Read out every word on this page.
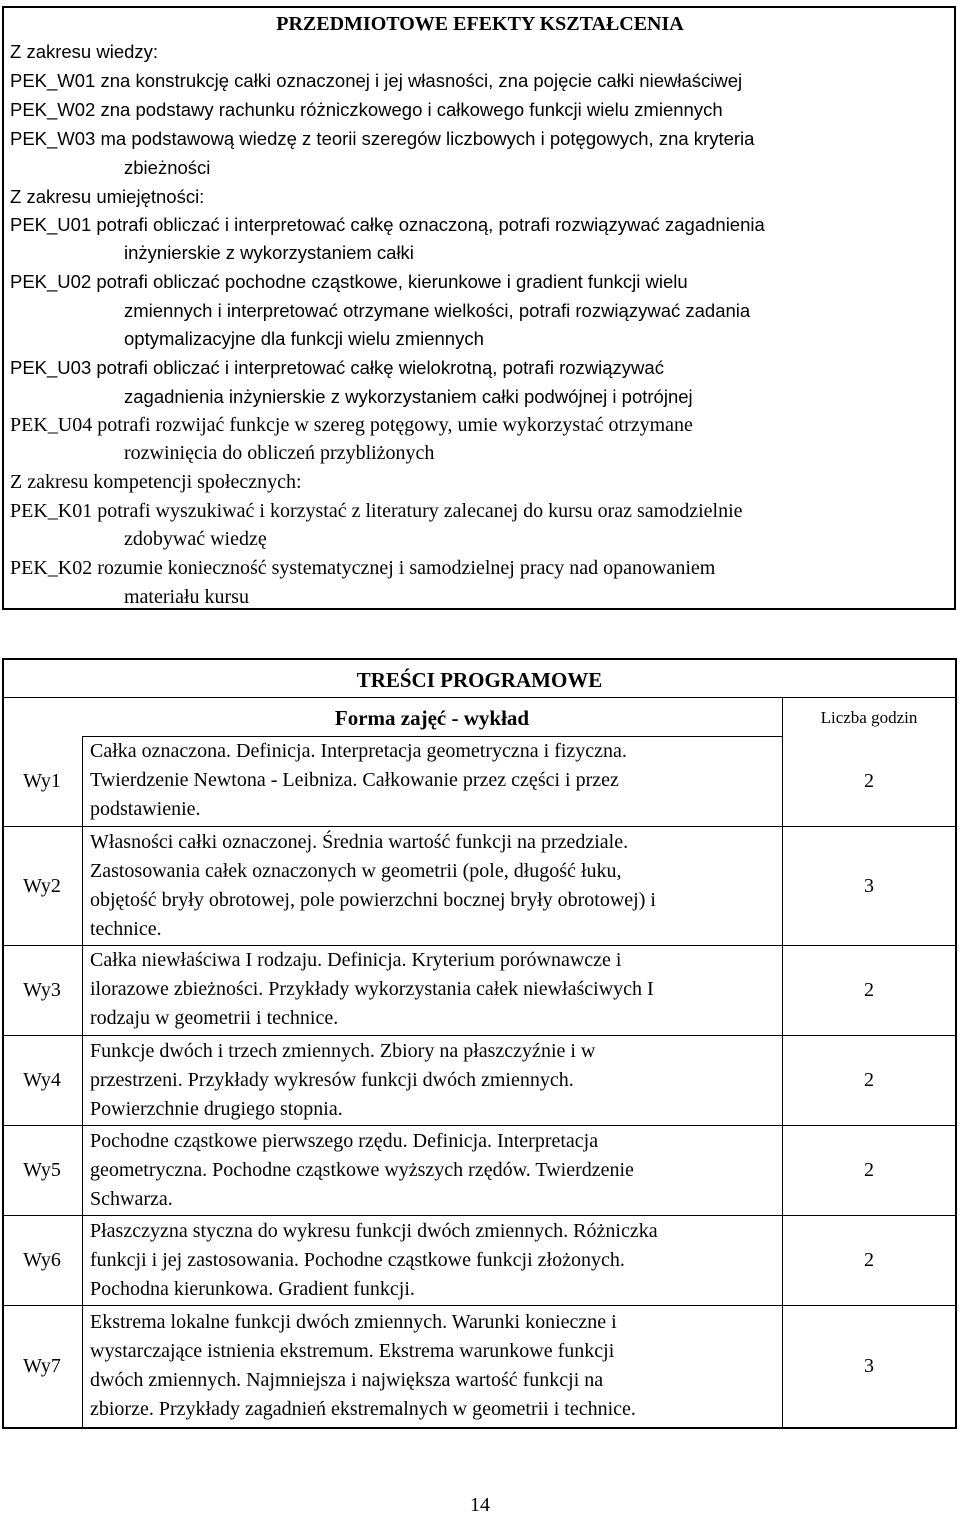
PRZEDMIOTOWE EFEKTY KSZTAŁCENIA
Z zakresu wiedzy:
PEK_W01 zna konstrukcję całki oznaczonej i jej własności, zna pojęcie całki niewłaściwej
PEK_W02 zna podstawy rachunku różniczkowego i całkowego funkcji wielu zmiennych
PEK_W03 ma podstawową wiedzę z teorii szeregów liczbowych i potęgowych, zna kryteria
zbieżności
Z zakresu umiejętności:
PEK_U01 potrafi obliczać i interpretować całkę oznaczoną, potrafi rozwiązywać zagadnienia
inżynierskie z wykorzystaniem całki
PEK_U02 potrafi obliczać pochodne cząstkowe, kierunkowe i gradient funkcji wielu
zmiennych i interpretować otrzymane wielkości, potrafi rozwiązywać zadania
optymalizacyjne dla funkcji wielu zmiennych
PEK_U03 potrafi obliczać i interpretować całkę wielokrotną, potrafi rozwiązywać
zagadnienia inżynierskie z wykorzystaniem całki podwójnej i potrójnej
PEK_U04 potrafi rozwijać funkcje w szereg potęgowy, umie wykorzystać otrzymane
rozwinięcia do obliczeń przybliżonych
Z zakresu kompetencji społecznych:
PEK_K01 potrafi wyszukiwać i korzystać z literatury zalecanej do kursu oraz samodzielnie
zdobywać wiedzę
PEK_K02 rozumie konieczność systematycznej i samodzielnej pracy nad opanowaniem
materiału kursu
TREŚCI PROGRAMOWE
Forma zajęć - wykład	Liczba godzin
Wy1
Całka oznaczona. Definicja. Interpretacja geometryczna i fizyczna.
Twierdzenie Newtona - Leibniza. Całkowanie przez części i przez
podstawienie.
2
Wy2
Własności całki oznaczonej. Średnia wartość funkcji na przedziale.
Zastosowania całek oznaczonych w geometrii (pole, długość łuku,
objętość bryły obrotowej, pole powierzchni bocznej bryły obrotowej) i
technice.
3
Wy3
Całka niewłaściwa I rodzaju. Definicja. Kryterium porównawcze i
ilorazowe zbieżności. Przykłady wykorzystania całek niewłaściwych I
rodzaju w geometrii i technice.
2
Wy4
Funkcje dwóch i trzech zmiennych. Zbiory na płaszczyźnie i w
przestrzeni. Przykłady wykresów funkcji dwóch zmiennych.
Powierzchnie drugiego stopnia.
2
Wy5
Pochodne cząstkowe pierwszego rzędu. Definicja. Interpretacja
geometryczna. Pochodne cząstkowe wyższych rzędów. Twierdzenie
Schwarza.
2
Wy6
Płaszczyzna styczna do wykresu funkcji dwóch zmiennych. Różniczka
funkcji i jej zastosowania. Pochodne cząstkowe funkcji złożonych.
Pochodna kierunkowa. Gradient funkcji.
2
Wy7
Ekstrema lokalne funkcji dwóch zmiennych. Warunki konieczne i
wystarczające istnienia ekstremum. Ekstrema warunkowe funkcji
dwóch zmiennych. Najmniejsza i największa wartość funkcji na
zbiorze. Przykłady zagadnień ekstremalnych w geometrii i technice.
3
14
